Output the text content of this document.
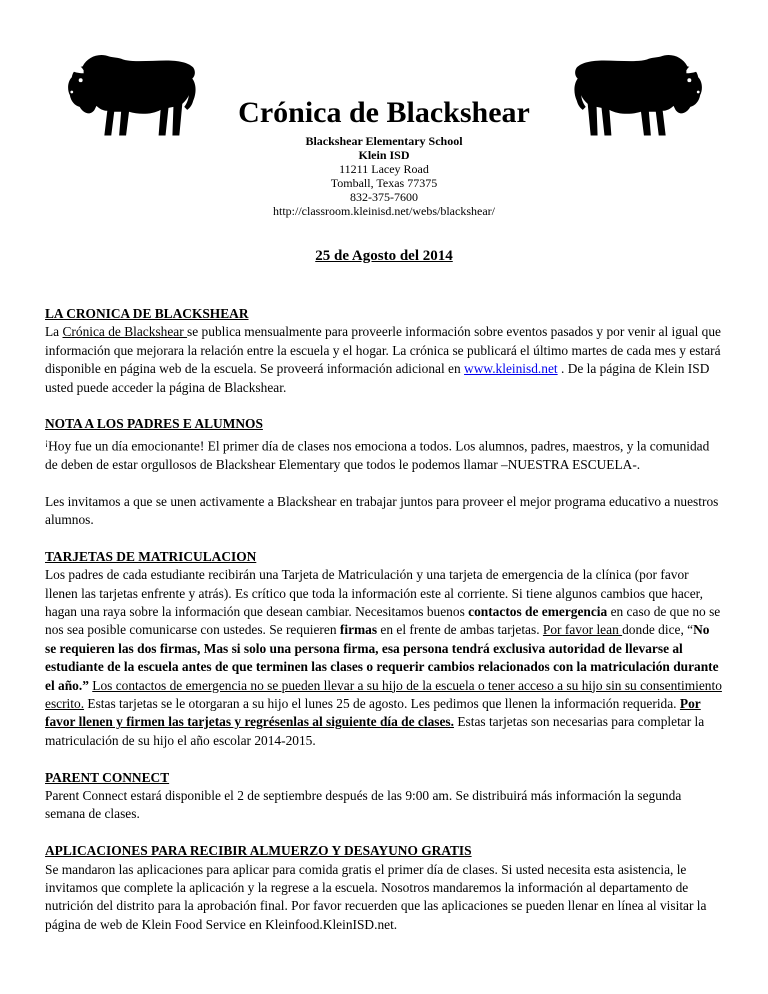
Crónica de Blackshear
Blackshear Elementary School
Klein ISD
11211 Lacey Road
Tomball, Texas 77375
832-375-7600
http://classroom.kleinisd.net/webs/blackshear/
25 de Agosto del 2014
LA CRONICA DE BLACKSHEAR

La Crónica de Blackshear se publica mensualmente para proveerle información sobre eventos pasados y por venir al igual que información que mejorara la relación entre la escuela y el hogar. La crónica se publicará el último martes de cada mes y estará disponible en página web de la escuela. Se proveerá información adicional en www.kleinisd.net . De la página de Klein ISD usted puede acceder la página de Blackshear.

NOTA A LOS PADRES E ALUMNOS

¡Hoy fue un día emocionante! El primer día de clases nos emociona a todos. Los alumnos, padres, maestros, y la comunidad de deben de estar orgullosos de Blackshear Elementary que todos le podemos llamar –NUESTRA ESCUELA-.

Les invitamos a que se unen activamente a Blackshear en trabajar juntos para proveer el mejor programa educativo a nuestros alumnos.

TARJETAS DE MATRICULACION

Los padres de cada estudiante recibirán una Tarjeta de Matriculación y una tarjeta de emergencia de la clínica (por favor llenen las tarjetas enfrente y atrás). Es crítico que toda la información este al corriente. Si tiene algunos cambios que hacer, hagan una raya sobre la información que desean cambiar. Necesitamos buenos contactos de emergencia en caso de que no se nos sea posible comunicarse con ustedes. Se requieren firmas en el frente de ambas tarjetas. Por favor lean donde dice, “No se requieren las dos firmas, Mas si solo una persona firma, esa persona tendrá exclusiva autoridad de llevarse al estudiante de la escuela antes de que terminen las clases o requerir cambios relacionados con la matriculación durante el año.” Los contactos de emergencia no se pueden llevar a su hijo de la escuela o tener acceso a su hijo sin su consentimiento escrito. Estas tarjetas se le otorgaran a su hijo el lunes 25 de agosto. Les pedimos que llenen la información requerida. Por favor llenen y firmen las tarjetas y regrésenlas al siguiente día de clases. Estas tarjetas son necesarias para completar la matriculación de su hijo el año escolar 2014-2015.

PARENT CONNECT

Parent Connect estará disponible el 2 de septiembre después de las 9:00 am. Se distribuirá más información la segunda semana de clases.

APLICACIONES PARA RECIBIR ALMUERZO Y DESAYUNO GRATIS

Se mandaron las aplicaciones para aplicar para comida gratis el primer día de clases. Si usted necesita esta asistencia, le invitamos que complete la aplicación y la regrese a la escuela. Nosotros mandaremos la información al departamento de nutrición del distrito para la aprobación final. Por favor recuerden que las aplicaciones se pueden llenar en línea al visitar la página de web de Klein Food Service en Kleinfood.KleinISD.net.
